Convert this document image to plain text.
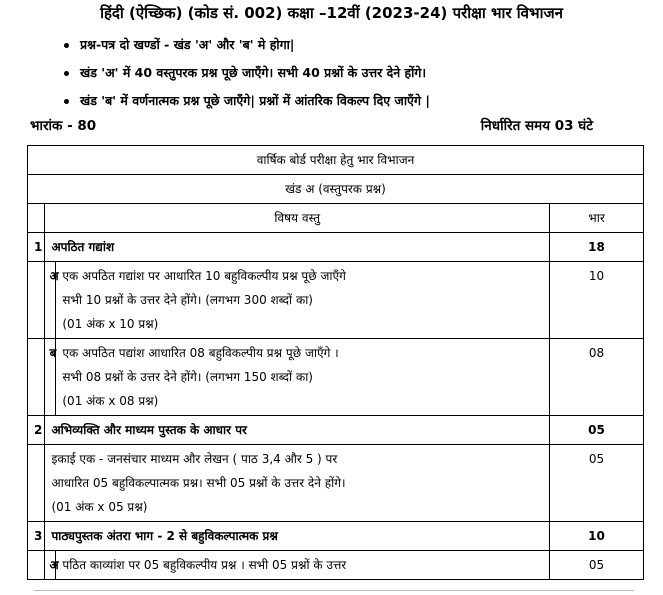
हिंदी (ऐच्छिक) (कोड सं. 002) कक्षा –12वीं (2023-24) परीक्षा भार विभाजन
प्रश्न-पत्र दो खण्डों - खंड 'अ' और 'ब' मे होगा|
खंड 'अ' में 40 वस्तुपरक प्रश्न पूछे जाएँगे। सभी 40 प्रश्नों के उत्तर देने होंगे।
खंड 'ब' में वर्णनात्मक प्रश्न पूछे जाएँगे| प्रश्नों में आंतरिक विकल्प दिए जाएँगे |
भारांक - 80	निर्धारित समय 03 घंटे
वार्षिक बोर्ड परीक्षा हेतु भार विभाजन			
खंड अ (वस्तुपरक प्रश्न)			
	विषय वस्तु		भार
1	अपठित गद्यांश		18
	अ	एक अपठित गद्यांश पर आधारित 10 बहुविकल्पीय प्रश्न पूछे जाएँगे
सभी 10 प्रश्नों के उत्तर देने होंगे। (लगभग 300 शब्दों का)
(01 अंक x 10 प्रश्न)	10
	ब	एक अपठित पद्यांश आधारित 08 बहुविकल्पीय प्रश्न पूछे जाएँगे ।
सभी 08 प्रश्नों के उत्तर देने होंगे। (लगभग 150 शब्दों का)
(01 अंक x 08 प्रश्न)	08
2	अभिव्यक्ति और माध्यम पुस्तक के आधार पर		05

	इकाई एक - जनसंचार माध्यम और लेखन ( पाठ 3,4 और 5 ) पर
आधारित 05 बहुविकल्पात्मक प्रश्न। सभी 05 प्रश्नों के उत्तर देने होंगे।
(01 अंक x 05 प्रश्न)		05
3	पाठ्यपुस्तक अंतरा भाग - 2 से बहुविकल्पात्मक प्रश्न		10
	अ	पठित काव्यांश पर 05 बहुविकल्पीय प्रश्न । सभी 05 प्रश्नों के उत्तर	05
